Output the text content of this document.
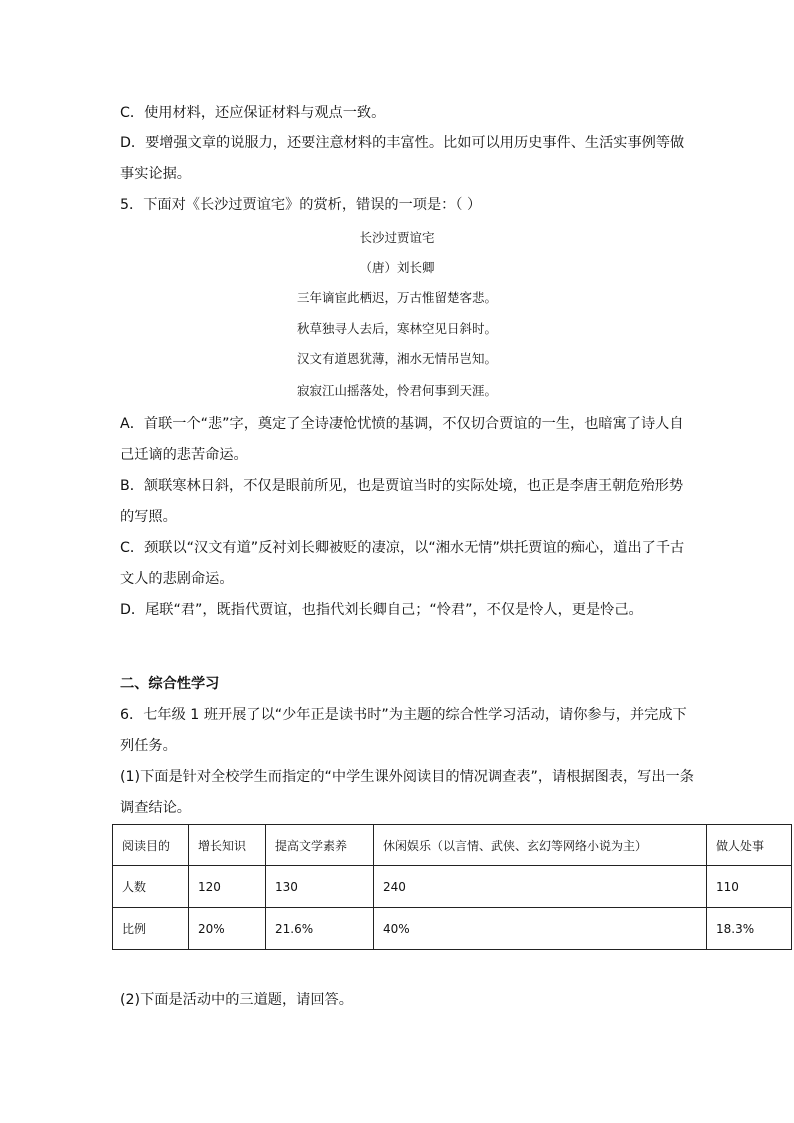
C．使用材料，还应保证材料与观点一致。
D．要增强文章的说服力，还要注意材料的丰富性。比如可以用历史事件、生活实事例等做
事实论据。
5．下面对《长沙过贾谊宅》的赏析，错误的一项是：（ ）
长沙过贾谊宅
（唐）刘长卿
三年谪宦此栖迟，万古惟留楚客悲。
秋草独寻人去后，寒林空见日斜时。
汉文有道恩犹薄，湘水无情吊岂知。
寂寂江山摇落处，怜君何事到天涯。
A．首联一个“悲”字，奠定了全诗凄怆忧愤的基调，不仅切合贾谊的一生，也暗寓了诗人自
己迁谪的悲苦命运。
B．颔联寒林日斜，不仅是眼前所见，也是贾谊当时的实际处境，也正是李唐王朝危殆形势
的写照。
C．颈联以“汉文有道”反衬刘长卿被贬的凄凉，以“湘水无情”烘托贾谊的痴心，道出了千古
文人的悲剧命运。
D．尾联“君”，既指代贾谊，也指代刘长卿自己；“怜君”，不仅是怜人，更是怜己。
二、综合性学习
6．七年级 1 班开展了以“少年正是读书时”为主题的综合性学习活动，请你参与，并完成下
列任务。
(1)下面是针对全校学生而指定的“中学生课外阅读目的情况调查表”，请根据图表，写出一条
调查结论。
阅读目的	增长知识	提高文学素养	休闲娱乐（以言情、武侠、玄幻等网络小说为主）	做人处事
人数	120	130	240	110
比例	20%	21.6%	40%	18.3%
(2)下面是活动中的三道题，请回答。
